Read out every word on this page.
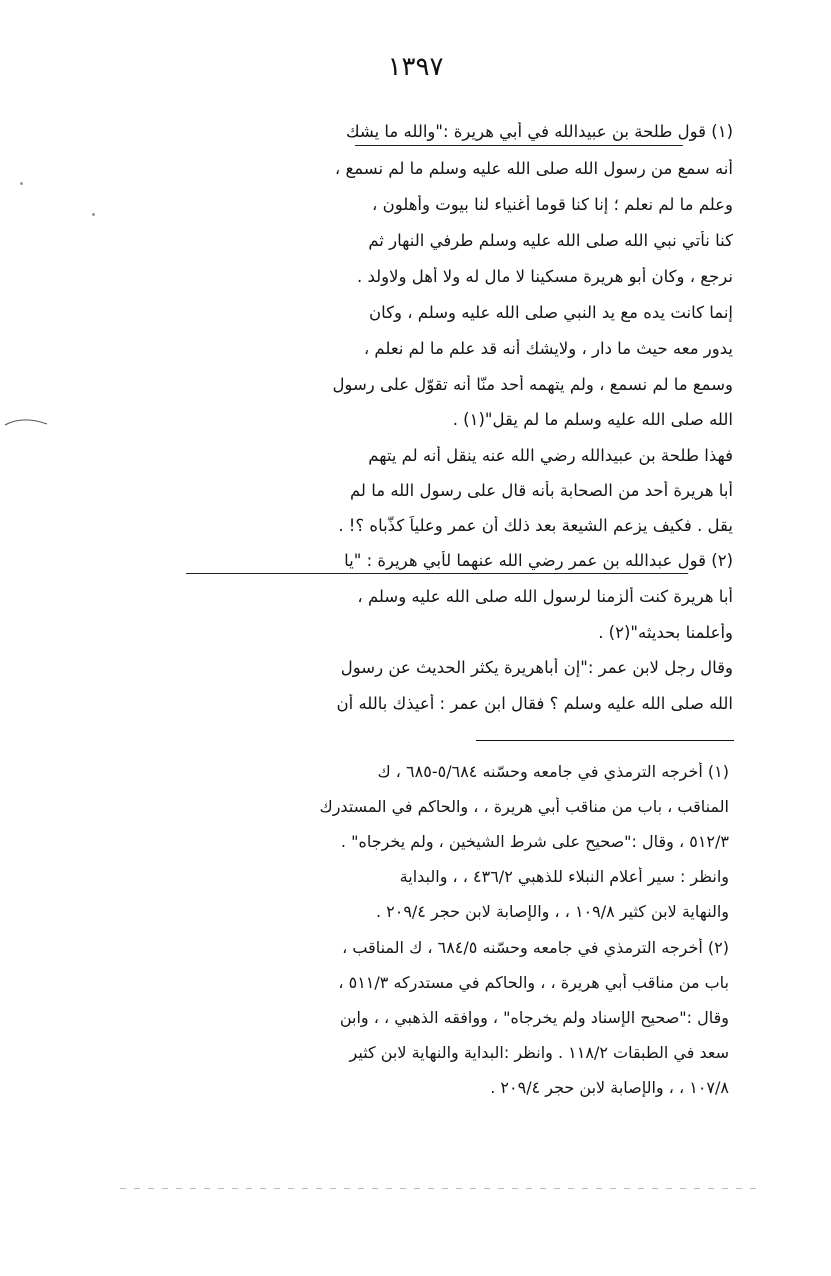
١٣٩٧
(١) قول طلحة بن عبيدالله في أبي هريرة :"والله ما يشك
أنه سمع من رسول الله صلى الله عليه وسلم ما لم نسمع ،
وعلم ما لم نعلم ؛ إنا كنا قوما أغنياء لنا بيوت وأهلون ،
كنا نأتي نبي الله صلى الله عليه وسلم طرفي النهار ثم
نرجع ، وكان أبو هريرة مسكينا لا مال له ولا أهل ولاولد .
إنما كانت يده مع يد النبي صلى الله عليه وسلم ، وكان
يدور معه حيث ما دار ، ولايشك أنه قد علم ما لم نعلم ،
وسمع ما لم نسمع ، ولم يتهمه أحد منّا أنه تقوّل على رسول
الله صلى الله عليه وسلم ما لم يقل"(١) .
فهذا طلحة بن عبيدالله رضي الله عنه ينقل أنه لم يتهم
أبا هريرة أحد من الصحابة بأنه قال على رسول الله ما لم
يقل . فكيف يزعم الشيعة بعد ذلك أن عمر وعلياً كذّباه ؟! .
(٢) قول عبدالله بن عمر رضي الله عنهما لأبي هريرة : "يا
أبا هريرة كنت ألزمنا لرسول الله صلى الله عليه وسلم ،
وأعلمنا بحديثه"(٢) .
وقال رجل لابن عمر :"إن أباهريرة يكثر الحديث عن رسول
الله صلى الله عليه وسلم ؟ فقال ابن عمر : أعيذك بالله أن
(١) أخرجه الترمذي في جامعه وحسّنه ٥/٦٨٤-٦٨٥ ، ك
المناقب ، باب من مناقب أبي هريرة ، ، والحاكم في المستدرك
٥١٢/٣ ، وقال :"صحيح على شرط الشيخين ، ولم يخرجاه" .
وانظر : سير أعلام النبلاء للذهبي ٤٣٦/٢ ، ، والبداية
والنهاية لابن كثير ١٠٩/٨ ، ، والإصابة لابن حجر ٢٠٩/٤ .
(٢) أخرجه الترمذي في جامعه وحسّنه ٦٨٤/٥ ، ك المناقب ،
باب من مناقب أبي هريرة ، ، والحاكم في مستدركه ٥١١/٣ ،
وقال :"صحيح الإسناد ولم يخرجاه" ، ووافقه الذهبي ، ، وابن
سعد في الطبقات ١١٨/٢ . وانظر :البداية والنهاية لابن كثير
١٠٧/٨ ، ، والإصابة لابن حجر ٢٠٩/٤ .
